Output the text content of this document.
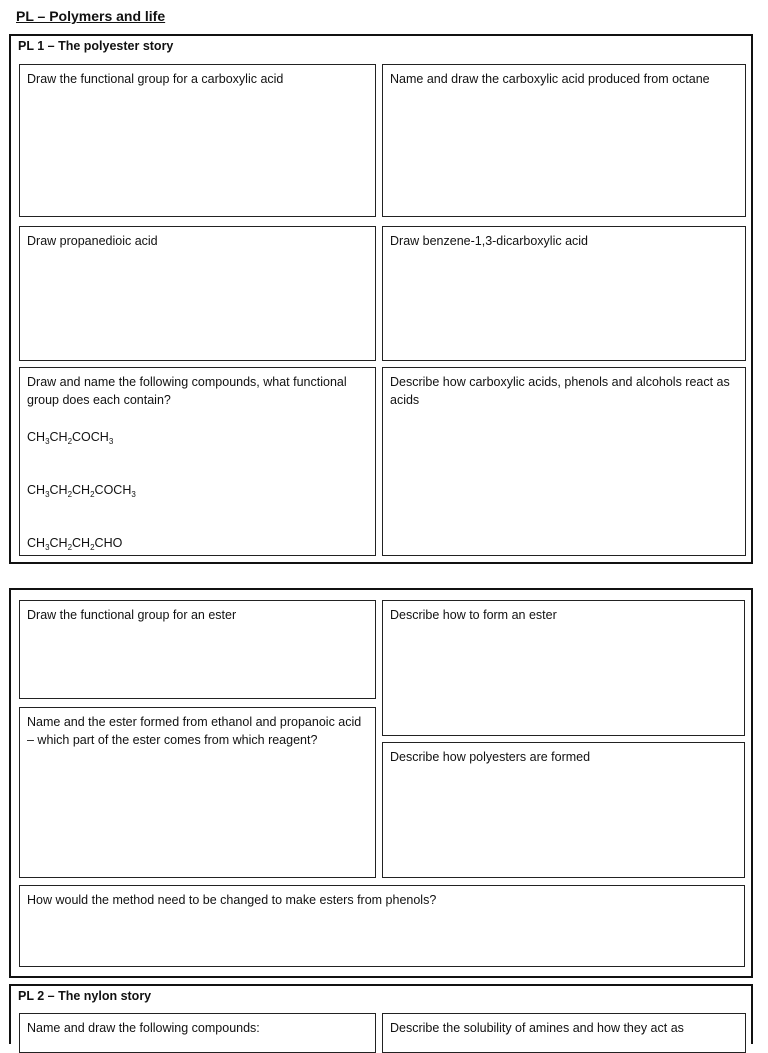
PL – Polymers and life
PL 1 – The polyester story
Draw the functional group for a carboxylic acid	Name and draw the carboxylic acid produced from octane
Draw propanedioic acid	Draw benzene-1,3-dicarboxylic acid
Draw and name the following compounds, what functional group does each contain?
$CH_3CH_2COCH_3$
$CH_3CH_2CH_2COCH_3$
$CH_3CH_2CH_2CHO$
Describe how carboxylic acids, phenols and alcohols react as acids
Draw the functional group for an ester	Describe how to form an ester
Name and the ester formed from ethanol and propanoic acid – which part of the ester comes from which reagent?
Describe how polyesters are formed
How would the method need to be changed to make esters from phenols?
PL 2 – The nylon story
Name and draw the following compounds:	Describe the solubility of amines and how they act as
